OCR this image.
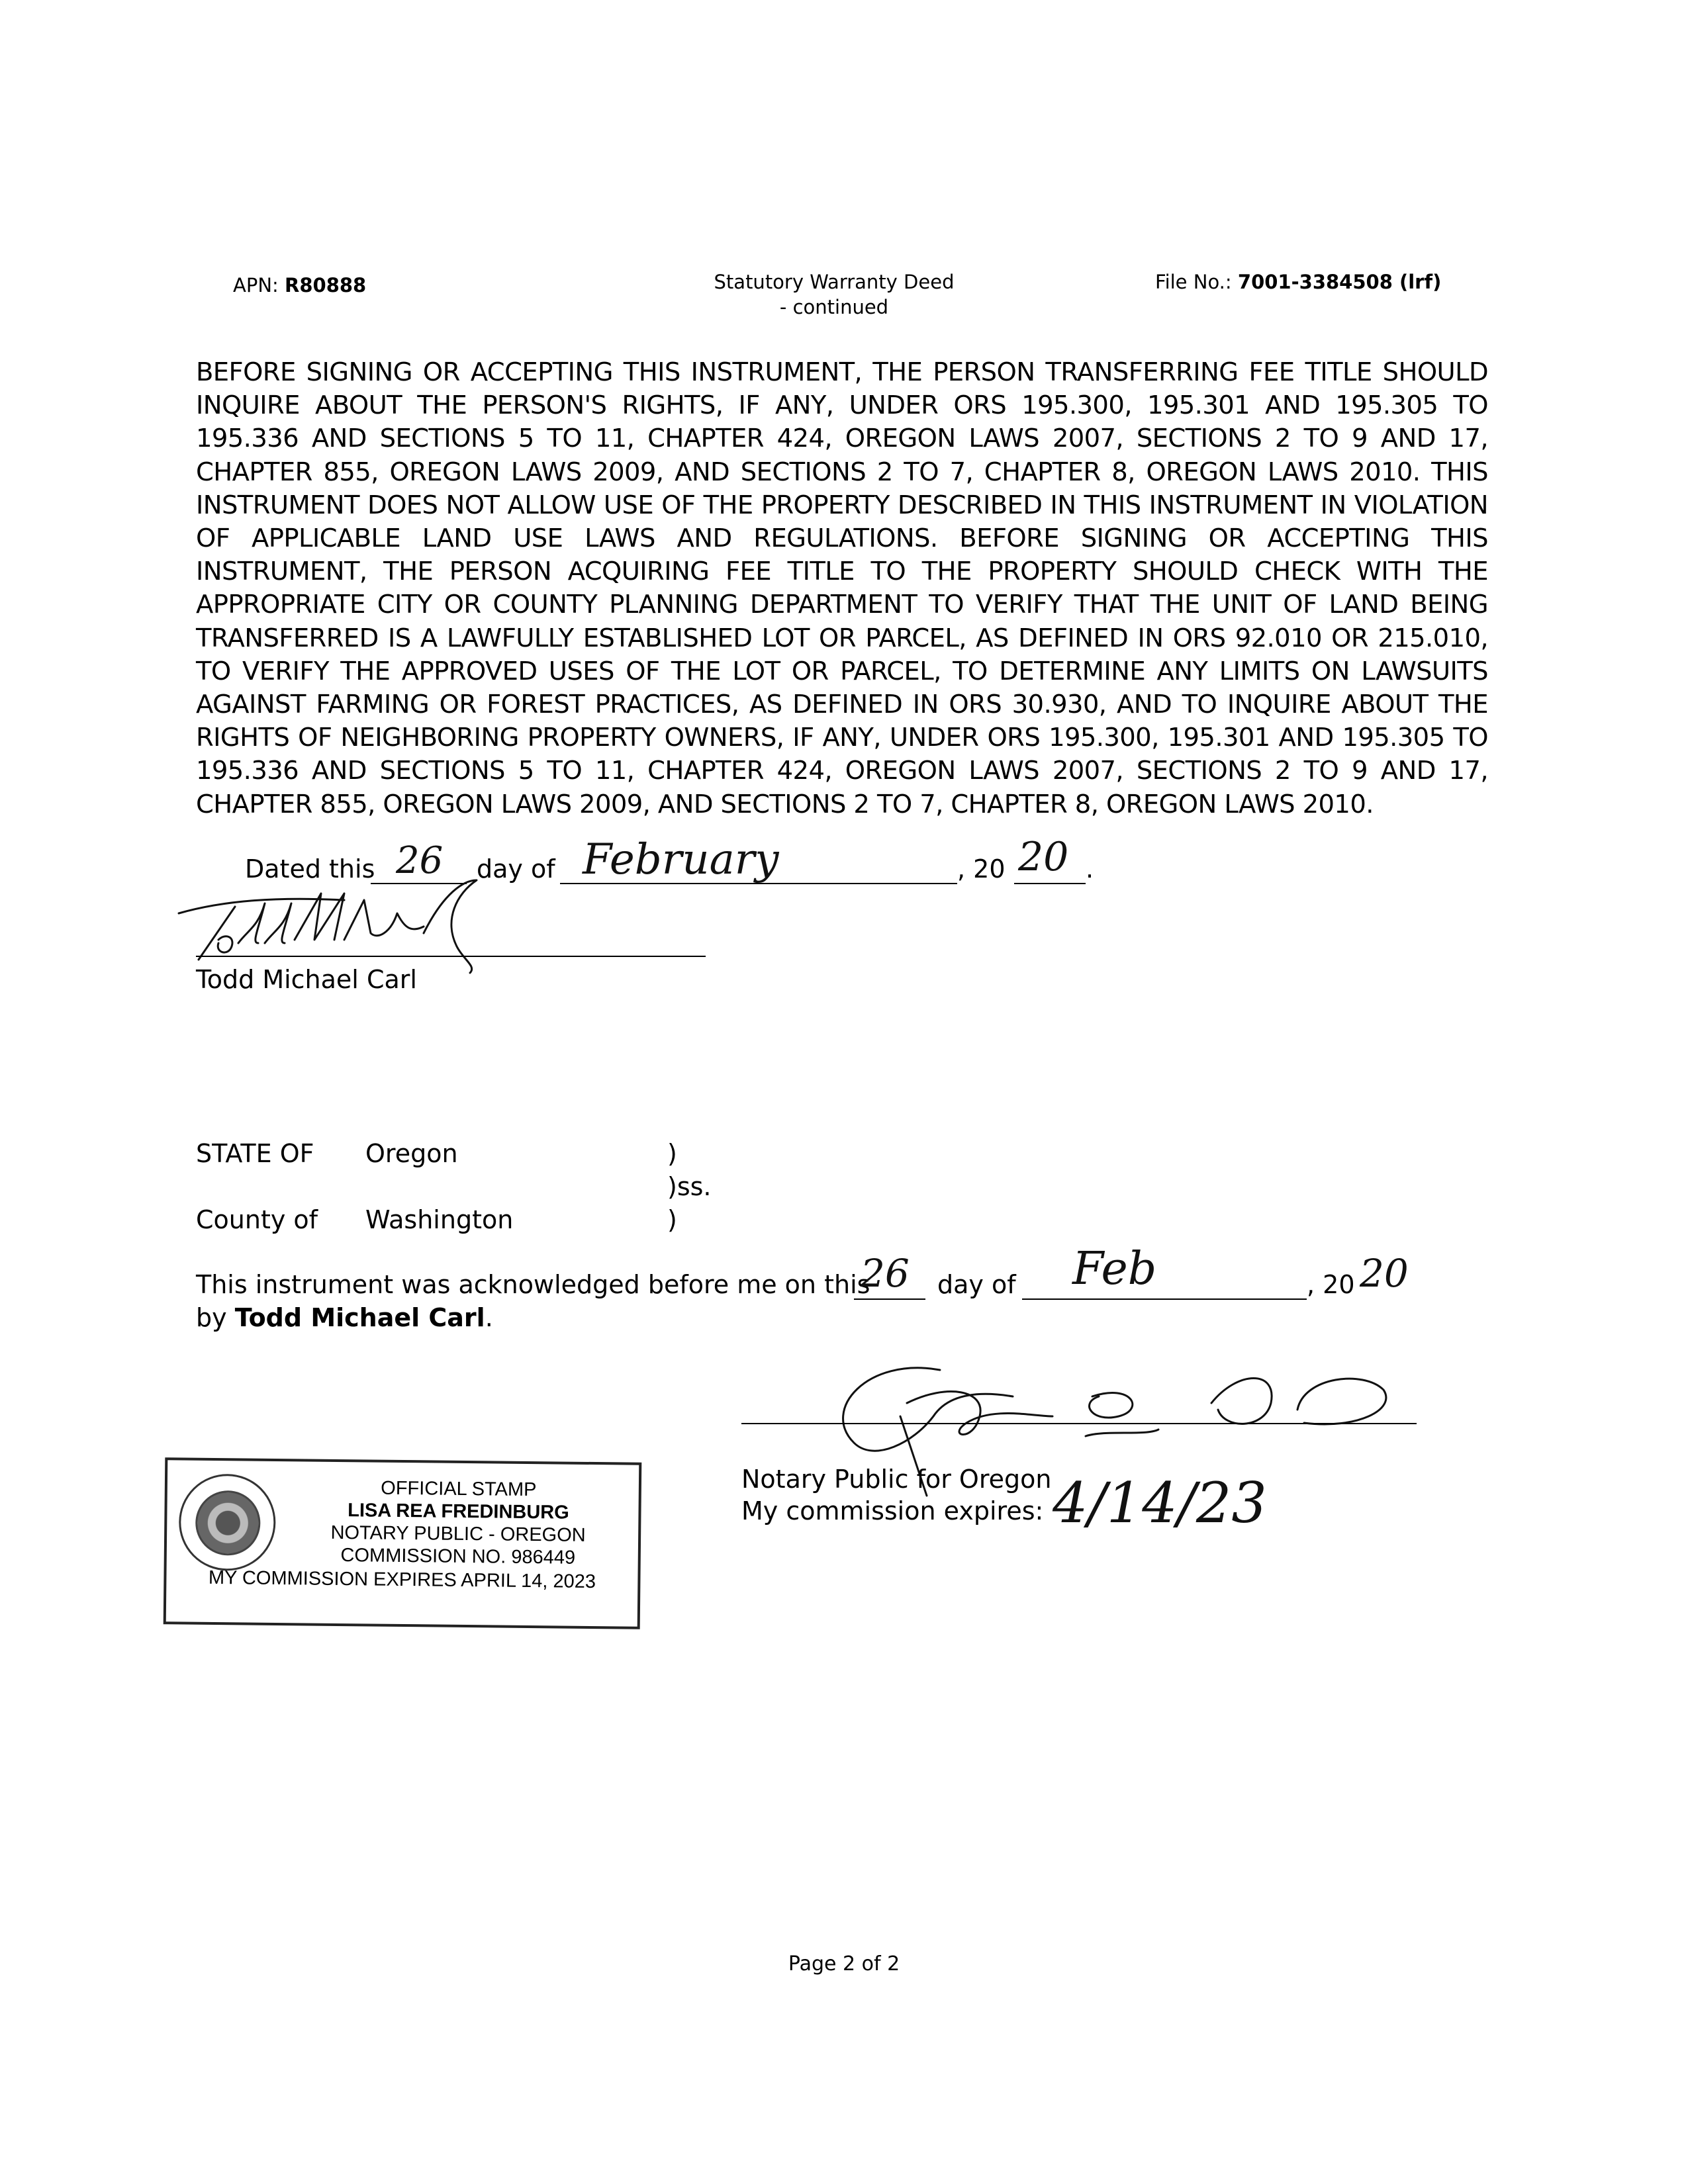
APN: R80888	Statutory Warranty Deed
- continued
File No.: 7001-3384508 (lrf)
BEFORE SIGNING OR ACCEPTING THIS INSTRUMENT, THE PERSON TRANSFERRING FEE TITLE SHOULD INQUIRE ABOUT THE PERSON'S RIGHTS, IF ANY, UNDER ORS 195.300, 195.301 AND 195.305 TO 195.336 AND SECTIONS 5 TO 11, CHAPTER 424, OREGON LAWS 2007, SECTIONS 2 TO 9 AND 17, CHAPTER 855, OREGON LAWS 2009, AND SECTIONS 2 TO 7, CHAPTER 8, OREGON LAWS 2010. THIS INSTRUMENT DOES NOT ALLOW USE OF THE PROPERTY DESCRIBED IN THIS INSTRUMENT IN VIOLATION OF APPLICABLE LAND USE LAWS AND REGULATIONS. BEFORE SIGNING OR ACCEPTING THIS INSTRUMENT, THE PERSON ACQUIRING FEE TITLE TO THE PROPERTY SHOULD CHECK WITH THE APPROPRIATE CITY OR COUNTY PLANNING DEPARTMENT TO VERIFY THAT THE UNIT OF LAND BEING TRANSFERRED IS A LAWFULLY ESTABLISHED LOT OR PARCEL, AS DEFINED IN ORS 92.010 OR 215.010, TO VERIFY THE APPROVED USES OF THE LOT OR PARCEL, TO DETERMINE ANY LIMITS ON LAWSUITS AGAINST FARMING OR FOREST PRACTICES, AS DEFINED IN ORS 30.930, AND TO INQUIRE ABOUT THE RIGHTS OF NEIGHBORING PROPERTY OWNERS, IF ANY, UNDER ORS 195.300, 195.301 AND 195.305 TO 195.336 AND SECTIONS 5 TO 11, CHAPTER 424, OREGON LAWS 2007, SECTIONS 2 TO 9 AND 17, CHAPTER 855, OREGON LAWS 2009, AND SECTIONS 2 TO 7, CHAPTER 8, OREGON LAWS 2010.
Dated this 26 day of February	, 20 20 .
Todd Michael Carl
STATE OF Oregon	)
)ss.
County of Washington	)
This instrument was acknowledged before me on this
26 day of Feb	, 20 20
by Todd Michael Carl.
Notary Public for Oregon
My commission expires: 4/14/23
OFFICIAL STAMP
LISA REA FREDINBURG
NOTARY PUBLIC - OREGON
COMMISSION NO. 986449
MY COMMISSION EXPIRES APRIL 14, 2023
Page 2 of 2
